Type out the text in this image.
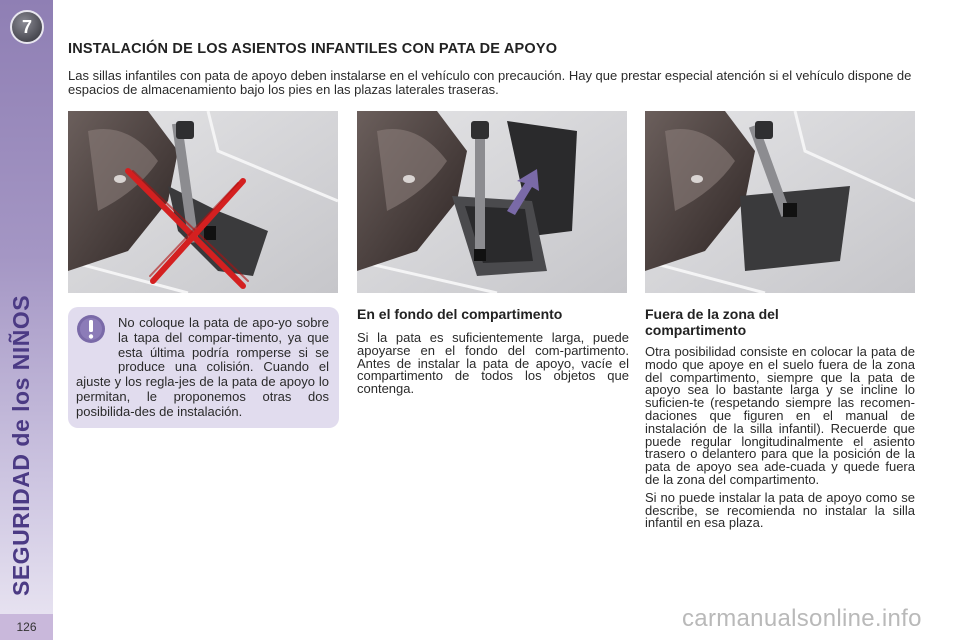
7
SEGURIDAD de los NIÑOS
126
INSTALACIÓN DE LOS ASIENTOS INFANTILES CON PATA DE APOYO
Las sillas infantiles con pata de apoyo deben instalarse en el vehículo con precaución. Hay que prestar especial atención si el vehículo dispone de espacios de almacenamiento bajo los pies en las plazas laterales traseras.
No coloque la pata de apo-yo sobre la tapa del compar-timento, ya que esta última podría romperse si se produce una colisión. Cuando el ajuste y los regla-jes de la pata de apoyo lo permitan, le proponemos otras dos posibilida-des de instalación.
En el fondo del compartimento

Si la pata es suficientemente larga, puede apoyarse en el fondo del com-partimento. Antes de instalar la pata de apoyo, vacíe el compartimento de todos los objetos que contenga.

Fuera de la zona del compartimento

Otra posibilidad consiste en colocar la pata de modo que apoye en el suelo fuera de la zona del compartimento, siempre que la pata de apoyo sea lo bastante larga y se incline lo suficien-te (respetando siempre las recomen-daciones que figuren en el manual de instalación de la silla infantil). Recuerde que puede regular longitudinalmente el asiento trasero o delantero para que la posición de la pata de apoyo sea ade-cuada y quede fuera de la zona del compartimento.

Si no puede instalar la pata de apoyo como se describe, se recomienda no instalar la silla infantil en esa plaza.

carmanualsonline.info
